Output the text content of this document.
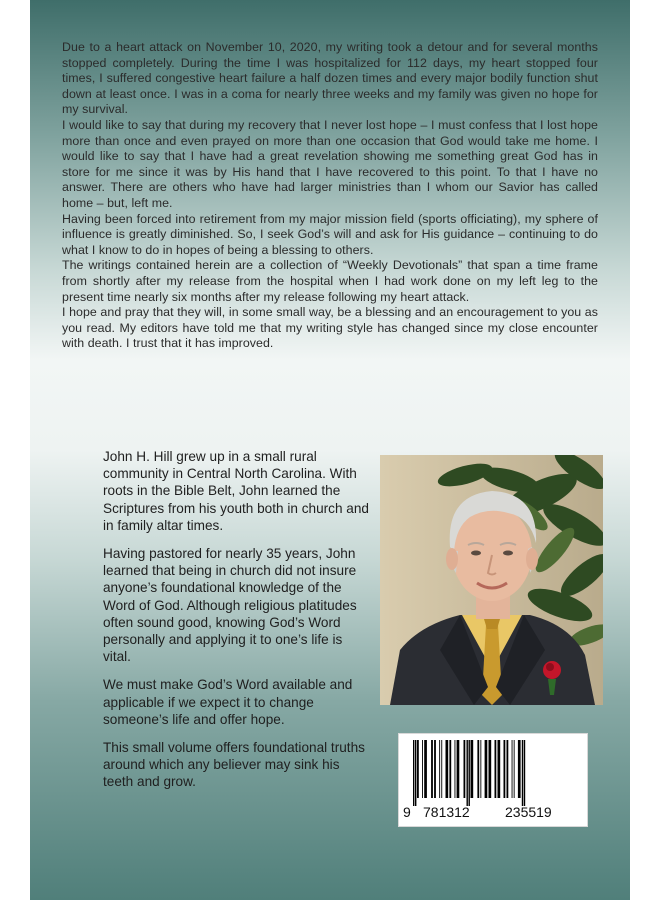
Due to a heart attack on November 10, 2020, my writing took a detour and for several months stopped completely. During the time I was hospitalized for 112 days, my heart stopped four times, I suffered congestive heart failure a half dozen times and every major bodily function shut down at least once. I was in a coma for nearly three weeks and my family was given no hope for my survival.

I would like to say that during my recovery that I never lost hope – I must confess that I lost hope more than once and even prayed on more than one occasion that God would take me home. I would like to say that I have had a great revelation showing me something great God has in store for me since it was by His hand that I have recovered to this point. To that I have no answer. There are others who have had larger ministries than I whom our Savior has called home – but, left me.

Having been forced into retirement from my major mission field (sports officiating), my sphere of influence is greatly diminished. So, I seek God’s will and ask for His guidance – continuing to do what I know to do in hopes of being a blessing to others.

The writings contained herein are a collection of “Weekly Devotionals” that span a time frame from shortly after my release from the hospital when I had work done on my left leg to the present time nearly six months after my release following my heart attack.

I hope and pray that they will, in some small way, be a blessing and an encouragement to you as you read. My editors have told me that my writing style has changed since my close encounter with death. I trust that it has improved.

John H. Hill grew up in a small rural community in Central North Carolina. With roots in the Bible Belt, John learned the Scriptures from his youth both in church and in family altar times.

Having pastored for nearly 35 years, John learned that being in church did not insure anyone’s foundational knowledge of the Word of God. Although religious platitudes often sound good, knowing God’s Word personally and applying it to one’s life is vital.

We must make God’s Word available and applicable if we expect it to change someone’s life and offer hope.

This small volume offers foundational truths around which any believer may sink his teeth and grow.

9 781312	235519
